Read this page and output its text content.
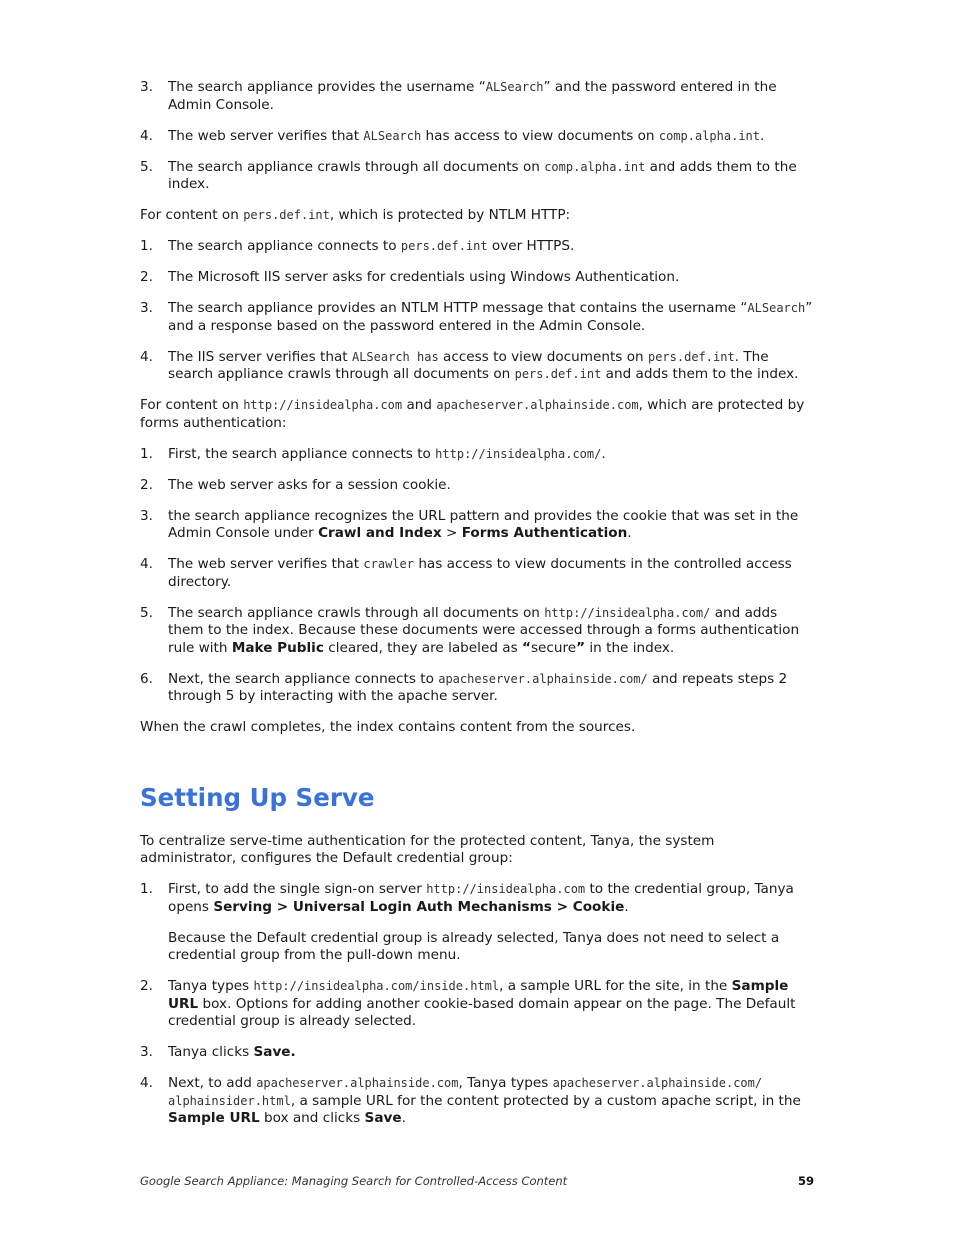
3. The search appliance provides the username “ALSearch” and the password entered in the Admin Console.
4. The web server verifies that ALSearch has access to view documents on comp.alpha.int.
5. The search appliance crawls through all documents on comp.alpha.int and adds them to the index.

For content on pers.def.int, which is protected by NTLM HTTP:

1. The search appliance connects to pers.def.int over HTTPS.
2. The Microsoft IIS server asks for credentials using Windows Authentication.
3. The search appliance provides an NTLM HTTP message that contains the username “ALSearch” and a response based on the password entered in the Admin Console.
4. The IIS server verifies that ALSearch has access to view documents on pers.def.int. The search appliance crawls through all documents on pers.def.int and adds them to the index.

For content on http://insidealpha.com and apacheserver.alphainside.com, which are protected by forms authentication:

1. First, the search appliance connects to http://insidealpha.com/.
2. The web server asks for a session cookie.
3. the search appliance recognizes the URL pattern and provides the cookie that was set in the Admin Console under Crawl and Index > Forms Authentication.
4. The web server verifies that crawler has access to view documents in the controlled access directory.
5. The search appliance crawls through all documents on http://insidealpha.com/ and adds them to the index. Because these documents were accessed through a forms authentication rule with Make Public cleared, they are labeled as “secure” in the index.
6. Next, the search appliance connects to apacheserver.alphainside.com/ and repeats steps 2 through 5 by interacting with the apache server.

When the crawl completes, the index contains content from the sources.

Setting Up Serve

To centralize serve-time authentication for the protected content, Tanya, the system administrator, configures the Default credential group:

1. First, to add the single sign-on server http://insidealpha.com to the credential group, Tanya opens Serving > Universal Login Auth Mechanisms > Cookie.

Because the Default credential group is already selected, Tanya does not need to select a credential group from the pull-down menu.

2. Tanya types http://insidealpha.com/inside.html, a sample URL for the site, in the Sample URL box. Options for adding another cookie-based domain appear on the page. The Default credential group is already selected.
3. Tanya clicks Save.
4. Next, to add apacheserver.alphainside.com, Tanya types apacheserver.alphainside.com/ alphainsider.html, a sample URL for the content protected by a custom apache script, in the Sample URL box and clicks Save.
Google Search Appliance: Managing Search for Controlled-Access Content	59
